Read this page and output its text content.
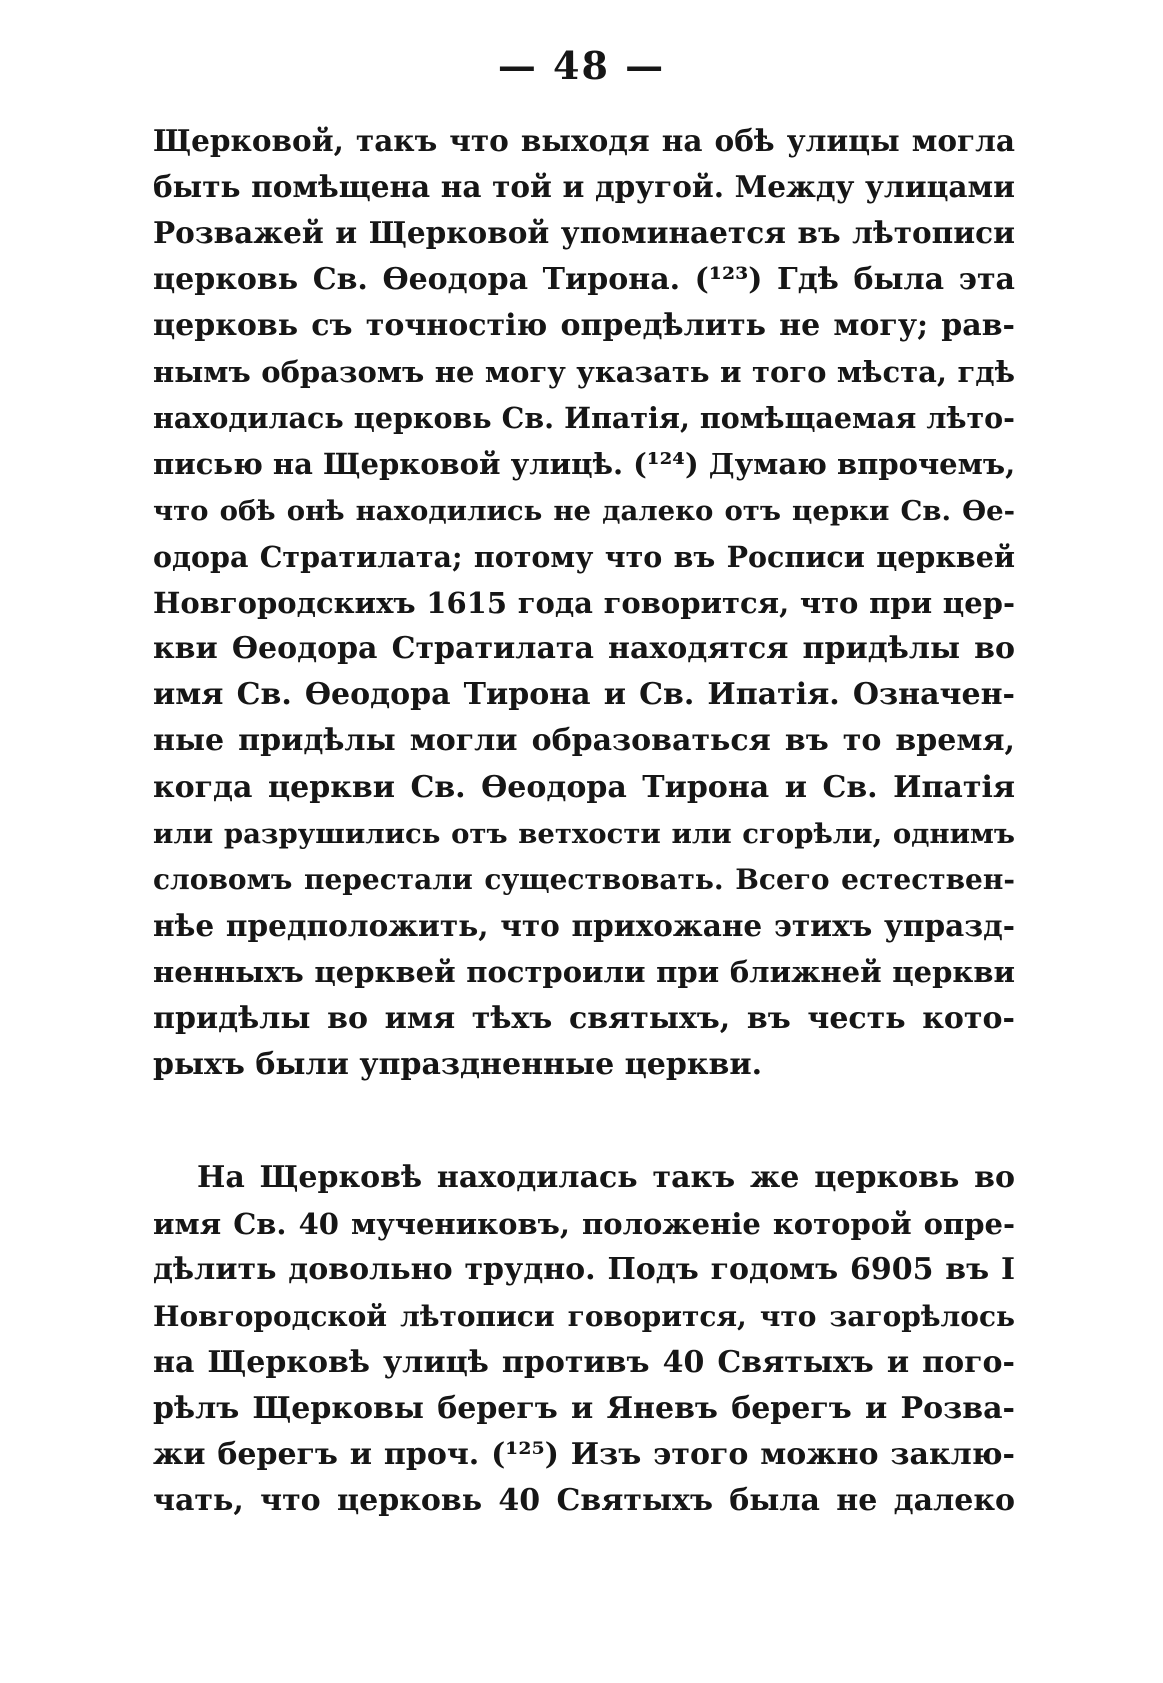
— 48 —
Щерковой, такъ что выходя на обѣ улицы могла
быть помѣщена на той и другой. Между улицами
Розважей и Щерковой упоминается въ лѣтописи
церковь Св. Ѳеодора Тирона. (¹²³) Гдѣ была эта
церковь съ точностію опредѣлить не могу; рав-
нымъ образомъ не могу указать и того мѣста, гдѣ
находилась церковь Св. Ипатія, помѣщаемая лѣто-
писью на Щерковой улицѣ. (¹²⁴) Думаю впрочемъ,
что обѣ онѣ находились не далеко отъ церки Св. Ѳе-
одора Стратилата; потому что въ Росписи церквей
Новгородскихъ 1615 года говорится, что при цер-
кви Ѳеодора Стратилата находятся придѣлы во
имя Св. Ѳеодора Тирона и Св. Ипатія. Означен-
ные придѣлы могли образоваться въ то время,
когда церкви Св. Ѳеодора Тирона и Св. Ипатія
или разрушились отъ ветхости или сгорѣли, однимъ
словомъ перестали существовать. Всего естествен-
нѣе предположить, что прихожане этихъ упразд-
ненныхъ церквей построили при ближней церкви
придѣлы во имя тѣхъ святыхъ, въ честь кото-
рыхъ были упраздненные церкви.
На Щерковѣ находилась такъ же церковь во
имя Св. 40 мучениковъ, положеніе которой опре-
дѣлить довольно трудно. Подъ годомъ 6905 въ I
Новгородской лѣтописи говорится, что загорѣлось
на Щерковѣ улицѣ противъ 40 Святыхъ и пого-
рѣлъ Щерковы берегъ и Яневъ берегъ и Розва-
жи берегъ и проч. (¹²⁵) Изъ этого можно заклю-
чать, что церковь 40 Святыхъ была не далеко
